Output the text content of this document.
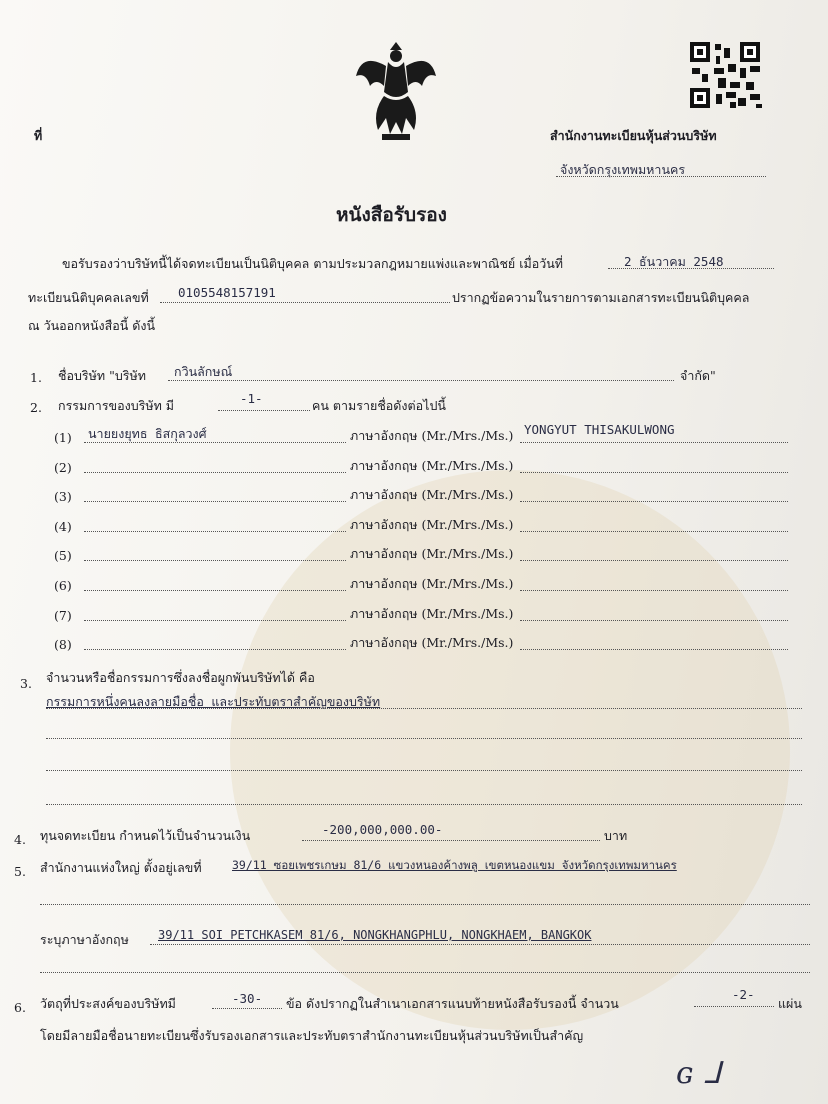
ที่	สำนักงานทะเบียนหุ้นส่วนบริษัท
จังหวัดกรุงเทพมหานคร
หนังสือรับรอง
ขอรับรองว่าบริษัทนี้ได้จดทะเบียนเป็นนิติบุคคล ตามประมวลกฎหมายแพ่งและพาณิชย์ เมื่อวันที่	2 ธันวาคม 2548
ทะเบียนนิติบุคคลเลขที่ 0105548157191	ปรากฏข้อความในรายการตามเอกสารทะเบียนนิติบุคคล
ณ วันออกหนังสือนี้ ดังนี้
1. ชื่อบริษัท "บริษัท กวินลักษณ์	จำกัด"
2. กรรมการของบริษัท มี	-1-	คน ตามรายชื่อดังต่อไปนี้
(1) นายยงยุทธ ธิสกุลวงศ์	ภาษาอังกฤษ (Mr./Mrs./Ms.) YONGYUT THISAKULWONG
(2)	ภาษาอังกฤษ (Mr./Mrs./Ms.)
(3)	ภาษาอังกฤษ (Mr./Mrs./Ms.)
(4)	ภาษาอังกฤษ (Mr./Mrs./Ms.)
(5)	ภาษาอังกฤษ (Mr./Mrs./Ms.)
(6)	ภาษาอังกฤษ (Mr./Mrs./Ms.)
(7)	ภาษาอังกฤษ (Mr./Mrs./Ms.)
(8)	ภาษาอังกฤษ (Mr./Mrs./Ms.)
3. จำนวนหรือชื่อกรรมการซึ่งลงชื่อผูกพันบริษัทได้ คือ
กรรมการหนึ่งคนลงลายมือชื่อ และประทับตราสำคัญของบริษัท
4. ทุนจดทะเบียน กำหนดไว้เป็นจำนวนเงิน	-200,000,000.00-	บาท
5. สำนักงานแห่งใหญ่ ตั้งอยู่เลขที่	39/11 ซอยเพชรเกษม 81/6 แขวงหนองค้างพลู เขตหนองแขม จังหวัดกรุงเทพมหานคร
ระบุภาษาอังกฤษ 39/11 SOI PETCHKASEM 81/6, NONGKHANGPHLU, NONGKHAEM, BANGKOK
6. วัตถุที่ประสงค์ของบริษัทมี	-30- ข้อ ดังปรากฏในสำเนาเอกสารแนบท้ายหนังสือรับรองนี้ จำนวน
-2-
แผ่น
โดยมีลายมือชื่อนายทะเบียนซึ่งรับรองเอกสารและประทับตราสำนักงานทะเบียนหุ้นส่วนบริษัทเป็นสำคัญ
ɢ ᒧ
